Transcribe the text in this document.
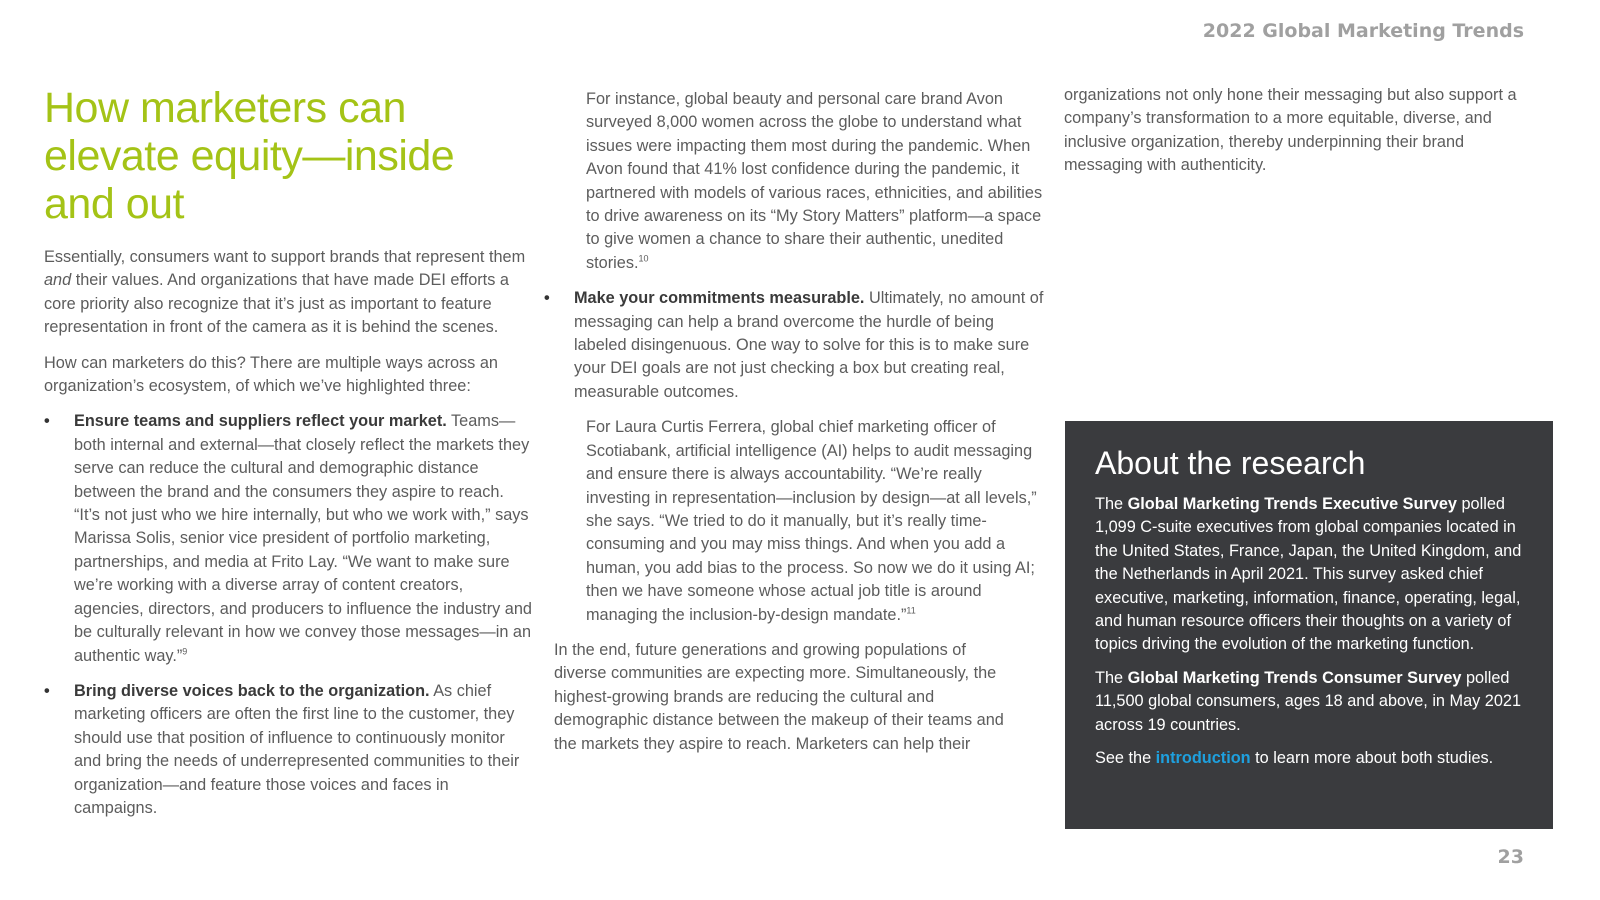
2022 Global Marketing Trends
How marketers can elevate equity—inside and out

Essentially, consumers want to support brands that represent them and their values. And organizations that have made DEI efforts a core priority also recognize that it’s just as important to feature representation in front of the camera as it is behind the scenes.

How can marketers do this? There are multiple ways across an organization’s ecosystem, of which we’ve highlighted three:

• Ensure teams and suppliers reflect your market. Teams—both internal and external—that closely reflect the markets they serve can reduce the cultural and demographic distance between the brand and the consumers they aspire to reach. “It’s not just who we hire internally, but who we work with,” says Marissa Solis, senior vice president of portfolio marketing, partnerships, and media at Frito Lay. “We want to make sure we’re working with a diverse array of content creators, agencies, directors, and producers to influence the industry and be culturally relevant in how we convey those messages—in an authentic way.”$^9$
• Bring diverse voices back to the organization. As chief marketing officers are often the first line to the customer, they should use that position of influence to continuously monitor and bring the needs of underrepresented communities to their organization—and feature those voices and faces in campaigns.

For instance, global beauty and personal care brand Avon surveyed 8,000 women across the globe to understand what issues were impacting them most during the pandemic. When Avon found that 41% lost confidence during the pandemic, it partnered with models of various races, ethnicities, and abilities to drive awareness on its “My Story Matters” platform—a space to give women a chance to share their authentic, unedited stories.$^{10}$

• Make your commitments measurable. Ultimately, no amount of messaging can help a brand overcome the hurdle of being labeled disingenuous. One way to solve for this is to make sure your DEI goals are not just checking a box but creating real, measurable outcomes.

For Laura Curtis Ferrera, global chief marketing officer of Scotiabank, artificial intelligence (AI) helps to audit messaging and ensure there is always accountability. “We’re really investing in representation—inclusion by design—at all levels,” she says. “We tried to do it manually, but it’s really time-consuming and you may miss things. And when you add a human, you add bias to the process. So now we do it using AI; then we have someone whose actual job title is around managing the inclusion-by-design mandate.”$^{11}$

In the end, future generations and growing populations of diverse communities are expecting more. Simultaneously, the highest-growing brands are reducing the cultural and demographic distance between the makeup of their teams and the markets they aspire to reach. Marketers can help their

organizations not only hone their messaging but also support a company’s transformation to a more equitable, diverse, and inclusive organization, thereby underpinning their brand messaging with authenticity.

About the research

The Global Marketing Trends Executive Survey polled 1,099 C-suite executives from global companies located in the United States, France, Japan, the United Kingdom, and the Netherlands in April 2021. This survey asked chief executive, marketing, information, finance, operating, legal, and human resource officers their thoughts on a variety of topics driving the evolution of the marketing function.

The Global Marketing Trends Consumer Survey polled 11,500 global consumers, ages 18 and above, in May 2021 across 19 countries.

See the introduction to learn more about both studies.

23
